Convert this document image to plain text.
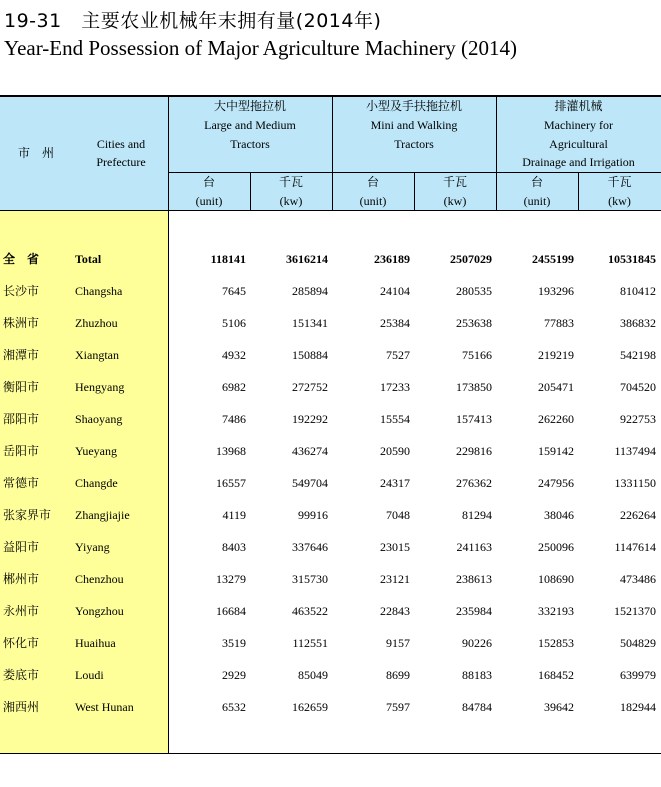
19-31　主要农业机械年末拥有量(2014年)
Year-End Possession of Major Agriculture Machinery (2014)
市　州
Cities and
Prefecture
大中型拖拉机
Large and Medium
Tractors
小型及手扶拖拉机
Mini and Walking
Tractors
排灌机械
Machinery for
Agricultural
Drainage and Irrigation
台
(unit)
千瓦
(kw)
台
(unit)
千瓦
(kw)
台
(unit)
千瓦
(kw)
全　省	Total	118141	3616214	236189	2507029	2455199	10531845
长沙市	Changsha	7645	285894	24104	280535	193296	810412
株洲市	Zhuzhou	5106	151341	25384	253638	77883	386832
湘潭市	Xiangtan	4932	150884	7527	75166	219219	542198
衡阳市	Hengyang	6982	272752	17233	173850	205471	704520
邵阳市	Shaoyang	7486	192292	15554	157413	262260	922753
岳阳市	Yueyang	13968	436274	20590	229816	159142	1137494
常德市	Changde	16557	549704	24317	276362	247956	1331150
张家界市 Zhangjiajie	4119	99916	7048	81294	38046	226264
益阳市	Yiyang	8403	337646	23015	241163	250096	1147614
郴州市	Chenzhou	13279	315730	23121	238613	108690	473486
永州市	Yongzhou	16684	463522	22843	235984	332193	1521370
怀化市	Huaihua	3519	112551	9157	90226	152853	504829
娄底市	Loudi	2929	85049	8699	88183	168452	639979
湘西州	West Hunan	6532	162659	7597	84784	39642	182944
